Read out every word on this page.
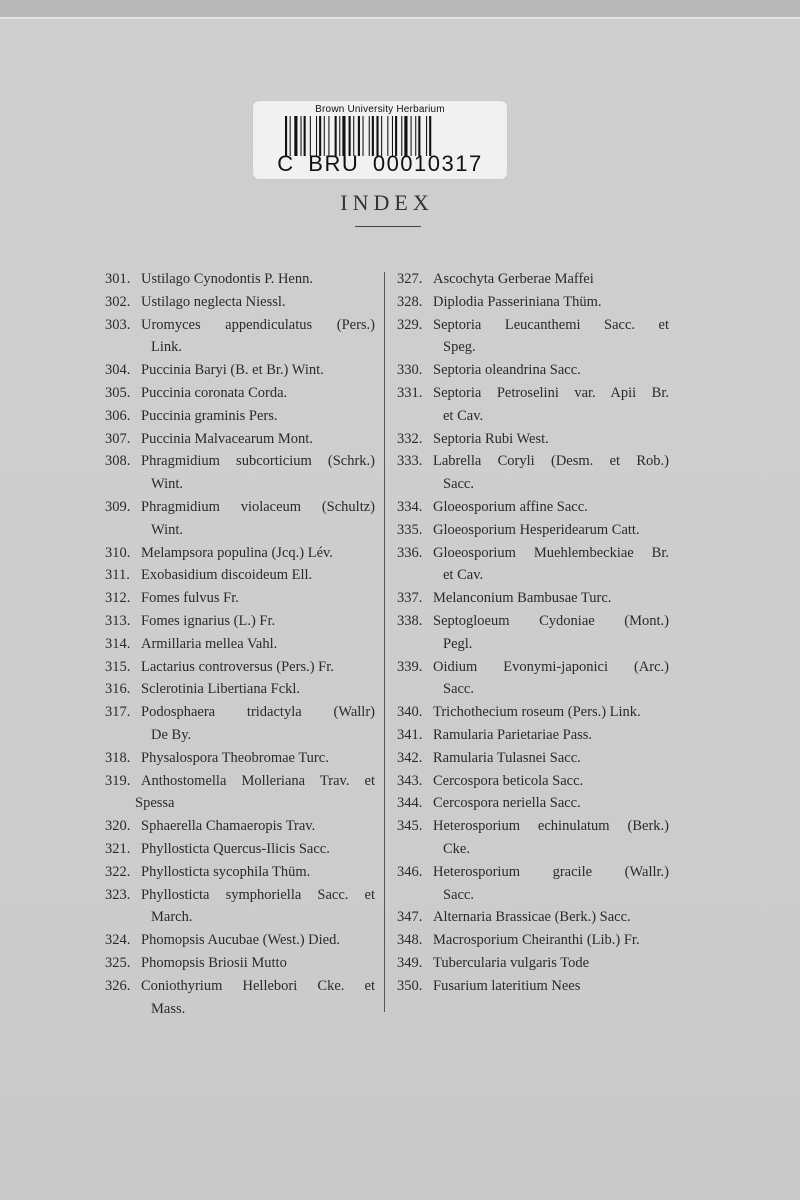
Brown University Herbarium
C BRU 00010317
INDEX
301. Ustilago Cynodontis P. Henn.
302. Ustilago neglecta Niessl.
303. Uromyces appendiculatus (Pers.)
Link.
304. Puccinia Baryi (B. et Br.) Wint.
305. Puccinia coronata Corda.
306. Puccinia graminis Pers.
307. Puccinia Malvacearum Mont.
308. Phragmidium subcorticium (Schrk.)
Wint.
309. Phragmidium violaceum (Schultz)
Wint.
310. Melampsora populina (Jcq.) Lév.
311. Exobasidium discoideum Ell.
312. Fomes fulvus Fr.
313. Fomes ignarius (L.) Fr.
314. Armillaria mellea Vahl.
315. Lactarius controversus (Pers.) Fr.
316. Sclerotinia Libertiana Fckl.
317. Podosphaera tridactyla (Wallr)
De By.
318. Physalospora Theobromae Turc.
319. Anthostomella Molleriana Trav. et
Spessa
320. Sphaerella Chamaeropis Trav.
321. Phyllosticta Quercus-Ilicis Sacc.
322. Phyllosticta sycophila Thüm.
323. Phyllosticta symphoriella Sacc. et
March.
324. Phomopsis Aucubae (West.) Died.
325. Phomopsis Briosii Mutto
326. Coniothyrium Hellebori Cke. et
Mass.
327. Ascochyta Gerberae Maffei
328. Diplodia Passeriniana Thüm.
329. Septoria Leucanthemi Sacc. et
Speg.
330. Septoria oleandrina Sacc.
331. Septoria Petroselini var. Apii Br.
et Cav.
332. Septoria Rubi West.
333. Labrella Coryli (Desm. et Rob.)
Sacc.
334. Gloeosporium affine Sacc.
335. Gloeosporium Hesperidearum Catt.
336. Gloeosporium Muehlembeckiae Br.
et Cav.
337. Melanconium Bambusae Turc.
338. Septogloeum Cydoniae (Mont.)
Pegl.
339. Oidium Evonymi-japonici (Arc.)
Sacc.
340. Trichothecium roseum (Pers.) Link.
341. Ramularia Parietariae Pass.
342. Ramularia Tulasnei Sacc.
343. Cercospora beticola Sacc.
344. Cercospora neriella Sacc.
345. Heterosporium echinulatum (Berk.)
Cke.
346. Heterosporium gracile (Wallr.)
Sacc.
347. Alternaria Brassicae (Berk.) Sacc.
348. Macrosporium Cheiranthi (Lib.) Fr.
349. Tubercularia vulgaris Tode
350. Fusarium lateritium Nees
